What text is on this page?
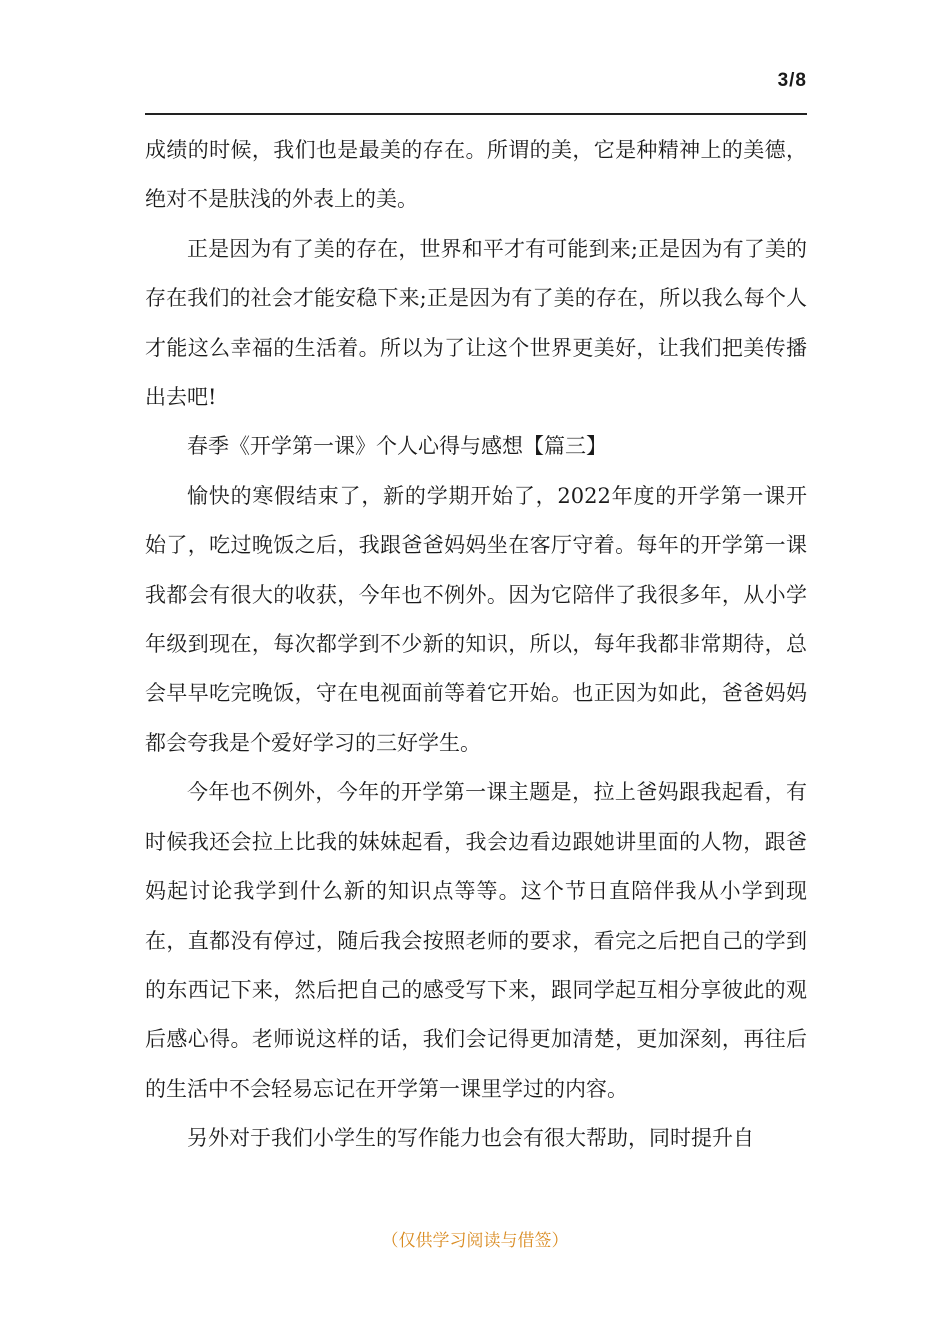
3/8

成绩的时候，我们也是最美的存在。所谓的美，它是种精神上的美德，绝对不是肤浅的外表上的美。

正是因为有了美的存在，世界和平才有可能到来;正是因为有了美的存在我们的社会才能安稳下来;正是因为有了美的存在，所以我么每个人才能这么幸福的生活着。所以为了让这个世界更美好，让我们把美传播出去吧!

春季《开学第一课》个人心得与感想【篇三】

愉快的寒假结束了，新的学期开始了，2022年度的开学第一课开始了，吃过晚饭之后，我跟爸爸妈妈坐在客厅守着。每年的开学第一课我都会有很大的收获，今年也不例外。因为它陪伴了我很多年，从小学年级到现在，每次都学到不少新的知识，所以，每年我都非常期待，总会早早吃完晚饭，守在电视面前等着它开始。也正因为如此，爸爸妈妈都会夸我是个爱好学习的三好学生。

今年也不例外，今年的开学第一课主题是，拉上爸妈跟我起看，有时候我还会拉上比我的妹妹起看，我会边看边跟她讲里面的人物，跟爸妈起讨论我学到什么新的知识点等等。这个节日直陪伴我从小学到现在，直都没有停过，随后我会按照老师的要求，看完之后把自己的学到的东西记下来，然后把自己的感受写下来，跟同学起互相分享彼此的观后感心得。老师说这样的话，我们会记得更加清楚，更加深刻，再往后的生活中不会轻易忘记在开学第一课里学过的内容。

另外对于我们小学生的写作能力也会有很大帮助，同时提升自

（仅供学习阅读与借签）
